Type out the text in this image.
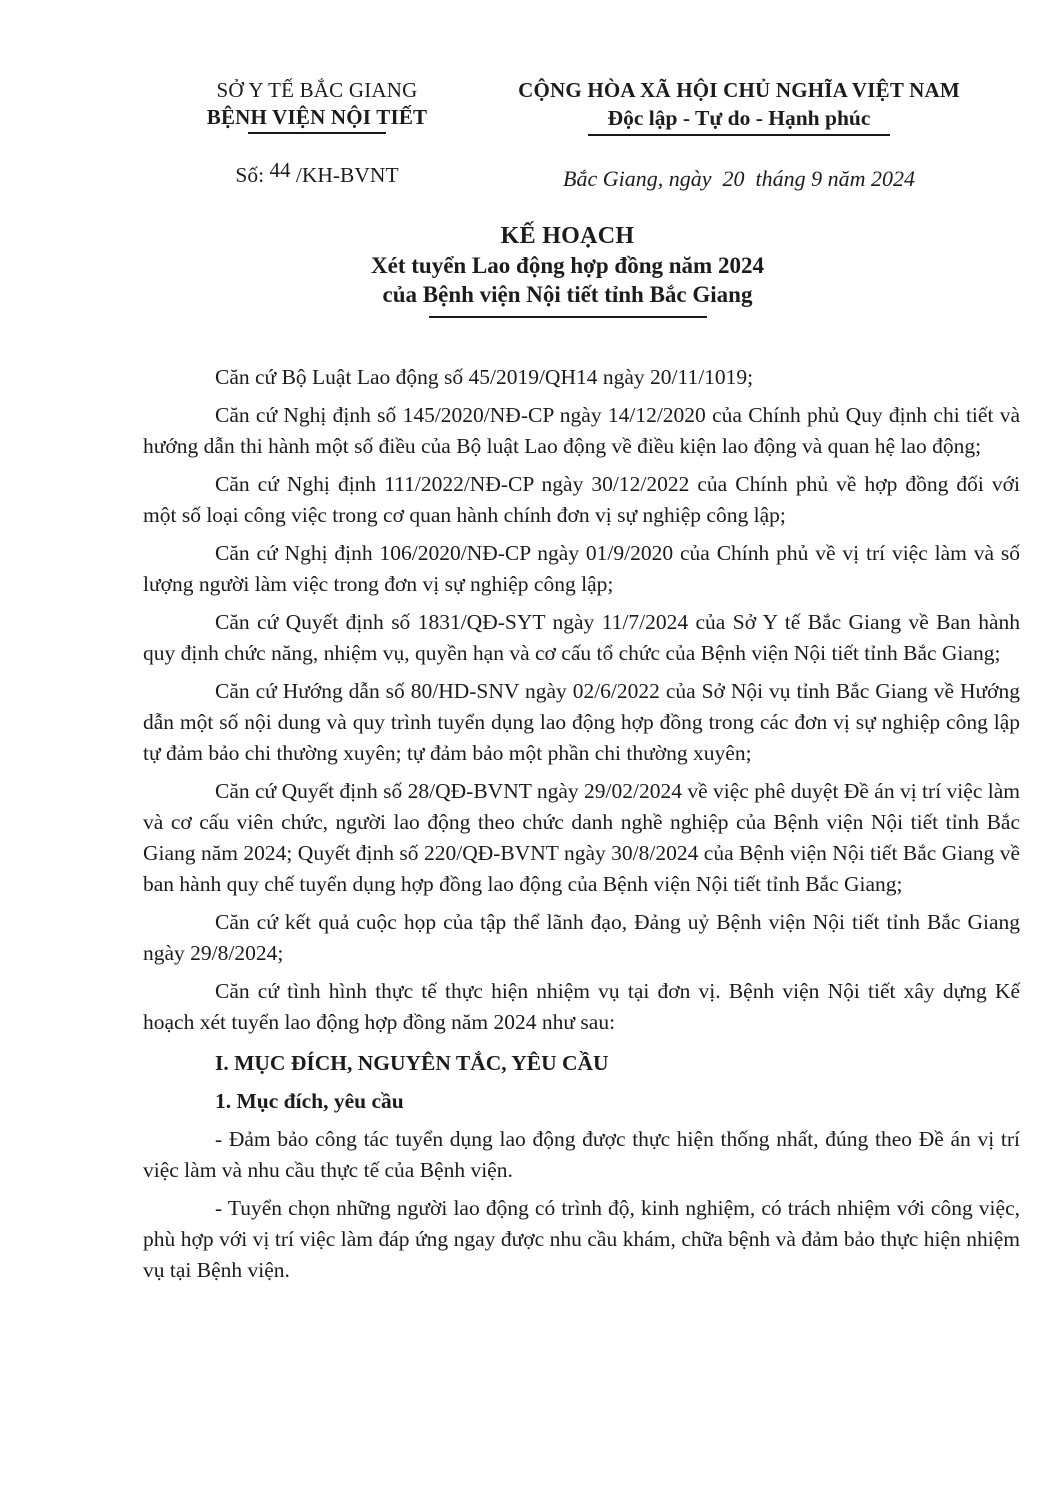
SỞ Y TẾ BẮC GIANG
BỆNH VIỆN NỘI TIẾT
Số: 44 /KH-BVNT
CỘNG HÒA XÃ HỘI CHỦ NGHĨA VIỆT NAM
Độc lập - Tự do - Hạnh phúc
Bắc Giang, ngày  20  tháng 9 năm 2024
KẾ HOẠCH
Xét tuyển Lao động hợp đồng năm 2024
của Bệnh viện Nội tiết tỉnh Bắc Giang

Căn cứ Bộ Luật Lao động số 45/2019/QH14 ngày 20/11/1019;

Căn cứ Nghị định số 145/2020/NĐ-CP ngày 14/12/2020 của Chính phủ Quy định chi tiết và hướng dẫn thi hành một số điều của Bộ luật Lao động về điều kiện lao động và quan hệ lao động;

Căn cứ Nghị định 111/2022/NĐ-CP ngày 30/12/2022 của Chính phủ về hợp đồng đối với một số loại công việc trong cơ quan hành chính đơn vị sự nghiệp công lập;

Căn cứ Nghị định 106/2020/NĐ-CP ngày 01/9/2020 của Chính phủ về vị trí việc làm và số lượng người làm việc trong đơn vị sự nghiệp công lập;

Căn cứ Quyết định số 1831/QĐ-SYT ngày 11/7/2024 của Sở Y tế Bắc Giang về Ban hành quy định chức năng, nhiệm vụ, quyền hạn và cơ cấu tổ chức của Bệnh viện Nội tiết tỉnh Bắc Giang;

Căn cứ Hướng dẫn số 80/HD-SNV ngày 02/6/2022 của Sở Nội vụ tỉnh Bắc Giang về Hướng dẫn một số nội dung và quy trình tuyển dụng lao động hợp đồng trong các đơn vị sự nghiệp công lập tự đảm bảo chi thường xuyên; tự đảm bảo một phần chi thường xuyên;

Căn cứ Quyết định số 28/QĐ-BVNT ngày 29/02/2024 về việc phê duyệt Đề án vị trí việc làm và cơ cấu viên chức, người lao động theo chức danh nghề nghiệp của Bệnh viện Nội tiết tỉnh Bắc Giang năm 2024; Quyết định số 220/QĐ-BVNT ngày 30/8/2024 của Bệnh viện Nội tiết Bắc Giang về ban hành quy chế tuyển dụng hợp đồng lao động của Bệnh viện Nội tiết tỉnh Bắc Giang;

Căn cứ kết quả cuộc họp của tập thể lãnh đạo, Đảng uỷ Bệnh viện Nội tiết tỉnh Bắc Giang ngày 29/8/2024;

Căn cứ tình hình thực tế thực hiện nhiệm vụ tại đơn vị. Bệnh viện Nội tiết xây dựng Kế hoạch xét tuyển lao động hợp đồng năm 2024 như sau:

I. MỤC ĐÍCH, NGUYÊN TẮC, YÊU CẦU

1. Mục đích, yêu cầu

- Đảm bảo công tác tuyển dụng lao động được thực hiện thống nhất, đúng theo Đề án vị trí việc làm và nhu cầu thực tế của Bệnh viện.

- Tuyển chọn những người lao động có trình độ, kinh nghiệm, có trách nhiệm với công việc, phù hợp với vị trí việc làm đáp ứng ngay được nhu cầu khám, chữa bệnh và đảm bảo thực hiện nhiệm vụ tại Bệnh viện.
